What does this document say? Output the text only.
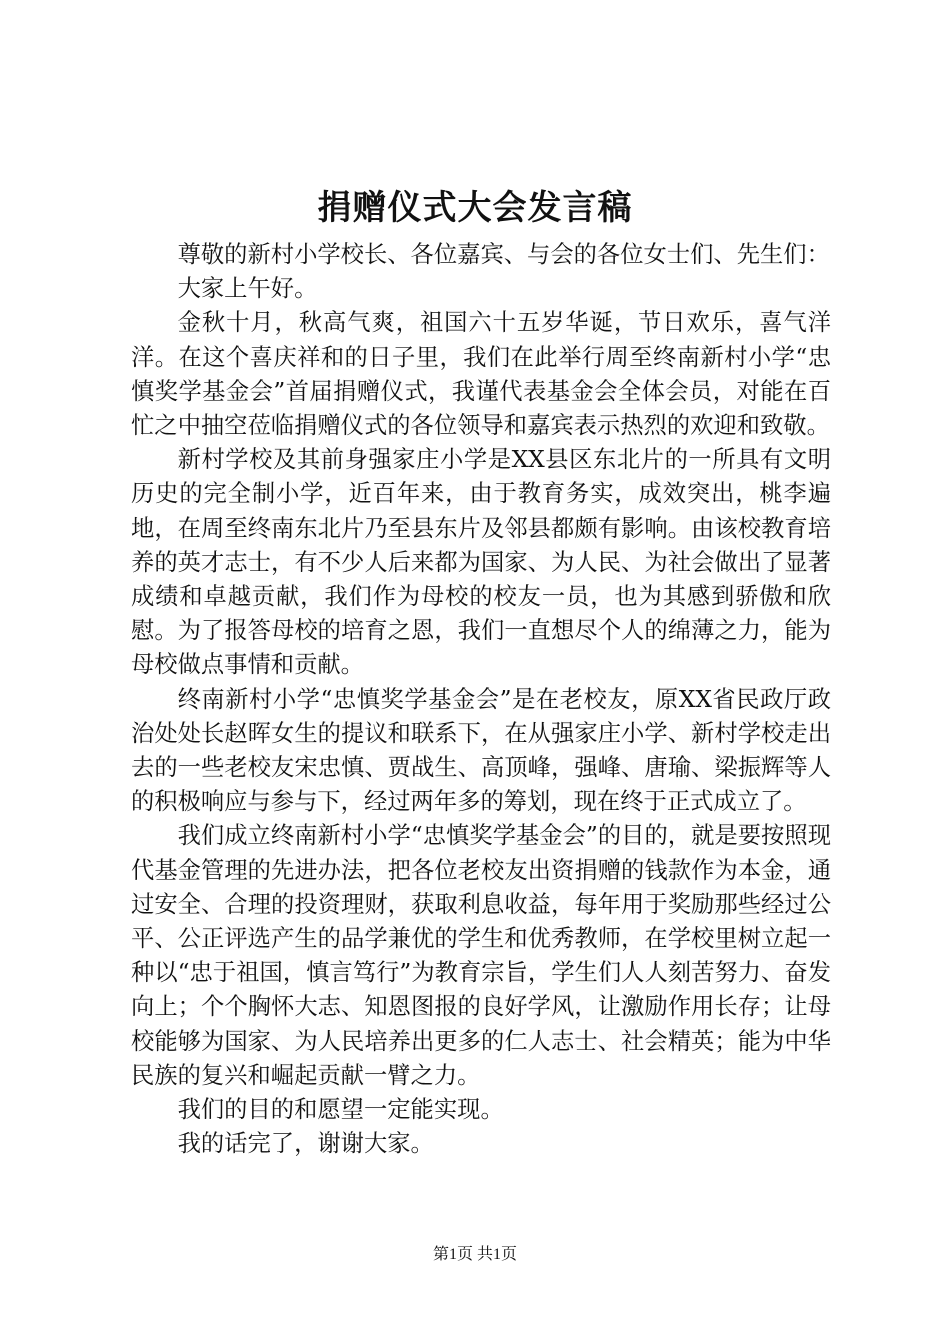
捐赠仪式大会发言稿

尊敬的新村小学校长、各位嘉宾、与会的各位女士们、先生们：

大家上午好。

金秋十月，秋高气爽，祖国六十五岁华诞，节日欢乐，喜气洋洋。在这个喜庆祥和的日子里，我们在此举行周至终南新村小学“忠慎奖学基金会”首届捐赠仪式，我谨代表基金会全体会员，对能在百忙之中抽空莅临捐赠仪式的各位领导和嘉宾表示热烈的欢迎和致敬。

新村学校及其前身强家庄小学是XX县区东北片的一所具有文明历史的完全制小学，近百年来，由于教育务实，成效突出，桃李遍地，在周至终南东北片乃至县东片及邻县都颇有影响。由该校教育培养的英才志士，有不少人后来都为国家、为人民、为社会做出了显著成绩和卓越贡献，我们作为母校的校友一员，也为其感到骄傲和欣慰。为了报答母校的培育之恩，我们一直想尽个人的绵薄之力，能为母校做点事情和贡献。

终南新村小学“忠慎奖学基金会”是在老校友，原XX省民政厅政治处处长赵晖女生的提议和联系下，在从强家庄小学、新村学校走出去的一些老校友宋忠慎、贾战生、高顶峰，强峰、唐瑜、梁振辉等人的积极响应与参与下，经过两年多的筹划，现在终于正式成立了。

我们成立终南新村小学“忠慎奖学基金会”的目的，就是要按照现代基金管理的先进办法，把各位老校友出资捐赠的钱款作为本金，通过安全、合理的投资理财，获取利息收益，每年用于奖励那些经过公平、公正评选产生的品学兼优的学生和优秀教师，在学校里树立起一种以“忠于祖国，慎言笃行”为教育宗旨，学生们人人刻苦努力、奋发向上；个个胸怀大志、知恩图报的良好学风，让激励作用长存；让母校能够为国家、为人民培养出更多的仁人志士、社会精英；能为中华民族的复兴和崛起贡献一臂之力。

我们的目的和愿望一定能实现。

我的话完了，谢谢大家。

第1页 共1页
